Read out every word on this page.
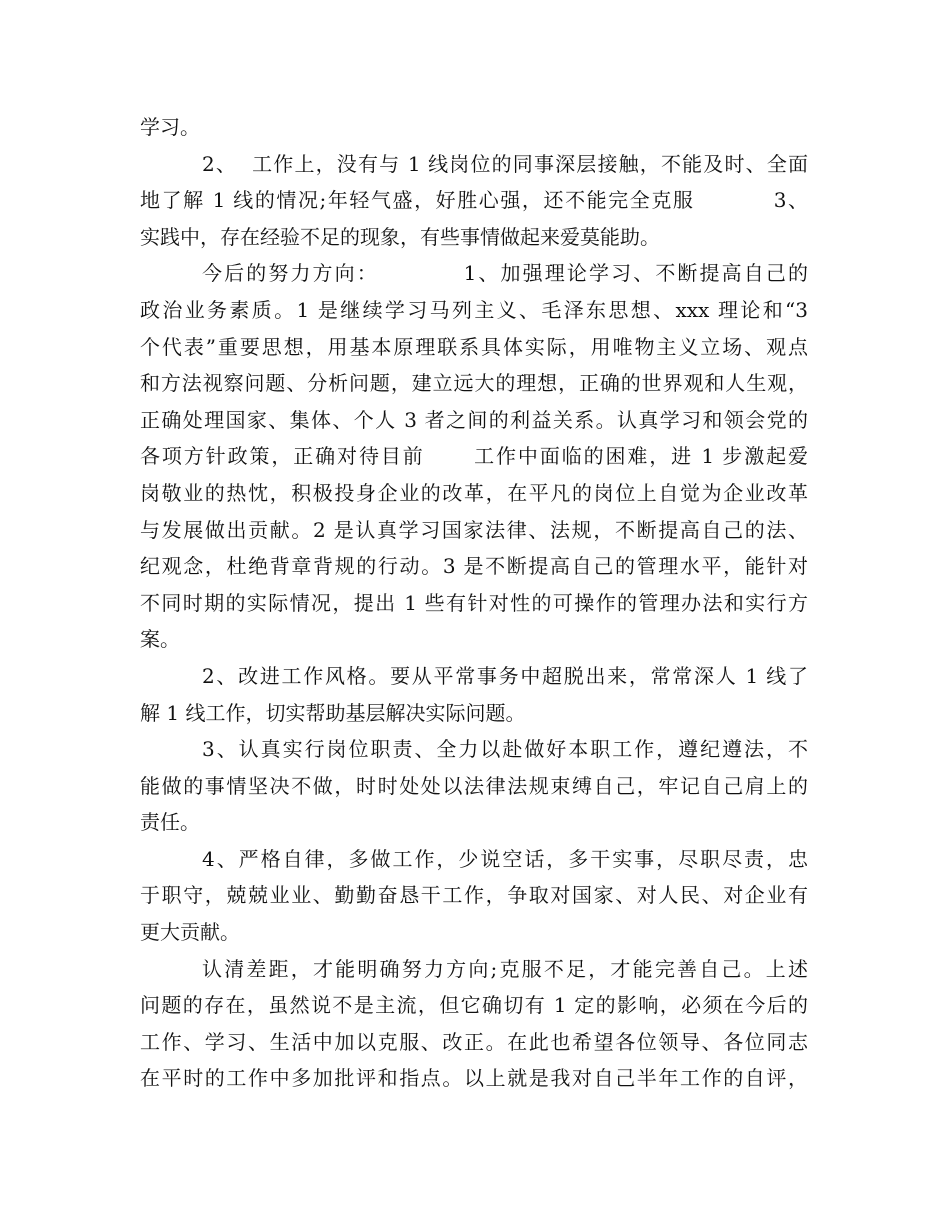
学习。
2、  工作上，没有与 1 线岗位的同事深层接触，不能及时、全面
地了解 1 线的情况;年轻气盛，好胜心强，还不能完全克服          3、
实践中，存在经验不足的现象，有些事情做起来爱莫能助。
今后的努力方向：          1、加强理论学习、不断提高自己的
政治业务素质。1 是继续学习马列主义、毛泽东思想、xxx 理论和“3
个代表”重要思想，用基本原理联系具体实际，用唯物主义立场、观点
和方法视察问题、分析问题，建立远大的理想，正确的世界观和人生观，
正确处理国家、集体、个人 3 者之间的利益关系。认真学习和领会党的
各项方针政策，正确对待目前      工作中面临的困难，进 1 步激起爱
岗敬业的热忱，积极投身企业的改革，在平凡的岗位上自觉为企业改革
与发展做出贡献。2 是认真学习国家法律、法规，不断提高自己的法、
纪观念，杜绝背章背规的行动。3 是不断提高自己的管理水平，能针对
不同时期的实际情况，提出 1 些有针对性的可操作的管理办法和实行方
案。
2、改进工作风格。要从平常事务中超脱出来，常常深人 1 线了
解 1 线工作，切实帮助基层解决实际问题。
3、认真实行岗位职责、全力以赴做好本职工作，遵纪遵法，不
能做的事情坚决不做，时时处处以法律法规束缚自己，牢记自己肩上的
责任。
4、严格自律，多做工作，少说空话，多干实事，尽职尽责，忠
于职守，兢兢业业、勤勤奋恳干工作，争取对国家、对人民、对企业有
更大贡献。
认清差距，才能明确努力方向;克服不足，才能完善自己。上述
问题的存在，虽然说不是主流，但它确切有 1 定的影响，必须在今后的
工作、学习、生活中加以克服、改正。在此也希望各位领导、各位同志
在平时的工作中多加批评和指点。以上就是我对自己半年工作的自评，
